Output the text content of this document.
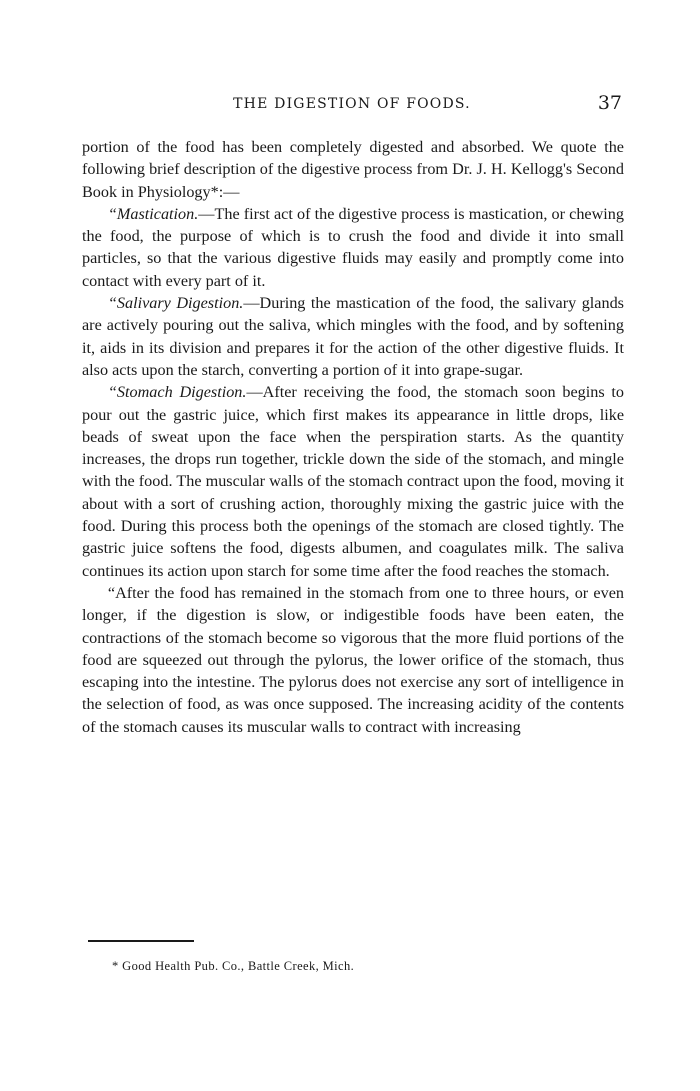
THE DIGESTION OF FOODS.	37

portion of the food has been completely digested and absorbed. We quote the following brief description of the digestive process from Dr. J. H. Kellogg's Second Book in Physiology*:—

“Mastication.—The first act of the digestive process is mastication, or chewing the food, the purpose of which is to crush the food and divide it into small particles, so that the various digestive fluids may easily and promptly come into contact with every part of it.

“Salivary Digestion.—During the mastication of the food, the salivary glands are actively pouring out the saliva, which mingles with the food, and by softening it, aids in its division and prepares it for the action of the other digestive fluids. It also acts upon the starch, converting a portion of it into grape-sugar.

“Stomach Digestion.—After receiving the food, the stomach soon begins to pour out the gastric juice, which first makes its appearance in little drops, like beads of sweat upon the face when the perspiration starts. As the quantity increases, the drops run together, trickle down the side of the stomach, and mingle with the food. The muscular walls of the stomach contract upon the food, moving it about with a sort of crushing action, thoroughly mixing the gastric juice with the food. During this process both the openings of the stomach are closed tightly. The gastric juice softens the food, digests albumen, and coagulates milk. The saliva continues its action upon starch for some time after the food reaches the stomach.

“After the food has remained in the stomach from one to three hours, or even longer, if the digestion is slow, or indigestible foods have been eaten, the contractions of the stomach become so vigorous that the more fluid portions of the food are squeezed out through the pylorus, the lower orifice of the stomach, thus escaping into the intestine. The pylorus does not exercise any sort of intelligence in the selection of food, as was once supposed. The increasing acidity of the contents of the stomach causes its muscular walls to contract with increasing

* Good Health Pub. Co., Battle Creek, Mich.
